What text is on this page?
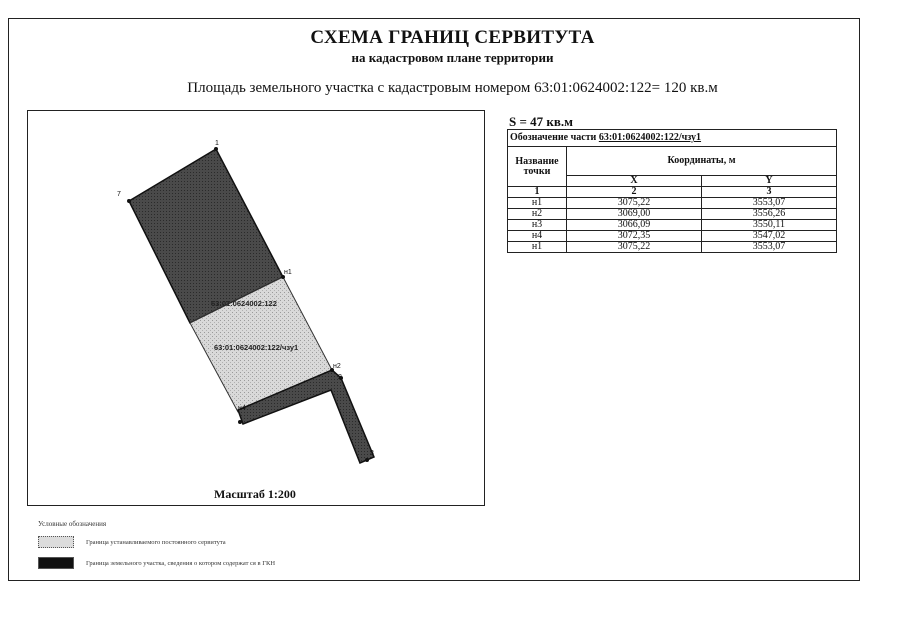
СХЕМА ГРАНИЦ СЕРВИТУТА
на кадастровом плане территории
Площадь земельного участка с кадастровым номером 63:01:0624002:122= 120 кв.м
1
7
н1
н2
2
н4
3
63:01:0624002:122
63:01:0624002:122/чзу1
Масштаб 1:200
S = 47 кв.м
Обозначение части 63:01:0624002:122/чзу1		
Название точки	Координаты, м	
	X	Y
1	2	3
н1	3075,22	3553,07
н2	3069,00	3556,26
н3	3066,09	3550,11
н4	3072,35	3547,02
н1	3075,22	3553,07
Условные обозначения
Граница устанавливаемого постоянного сервитута
Граница земельного участка, сведения о котором содержат ся в ГКН
